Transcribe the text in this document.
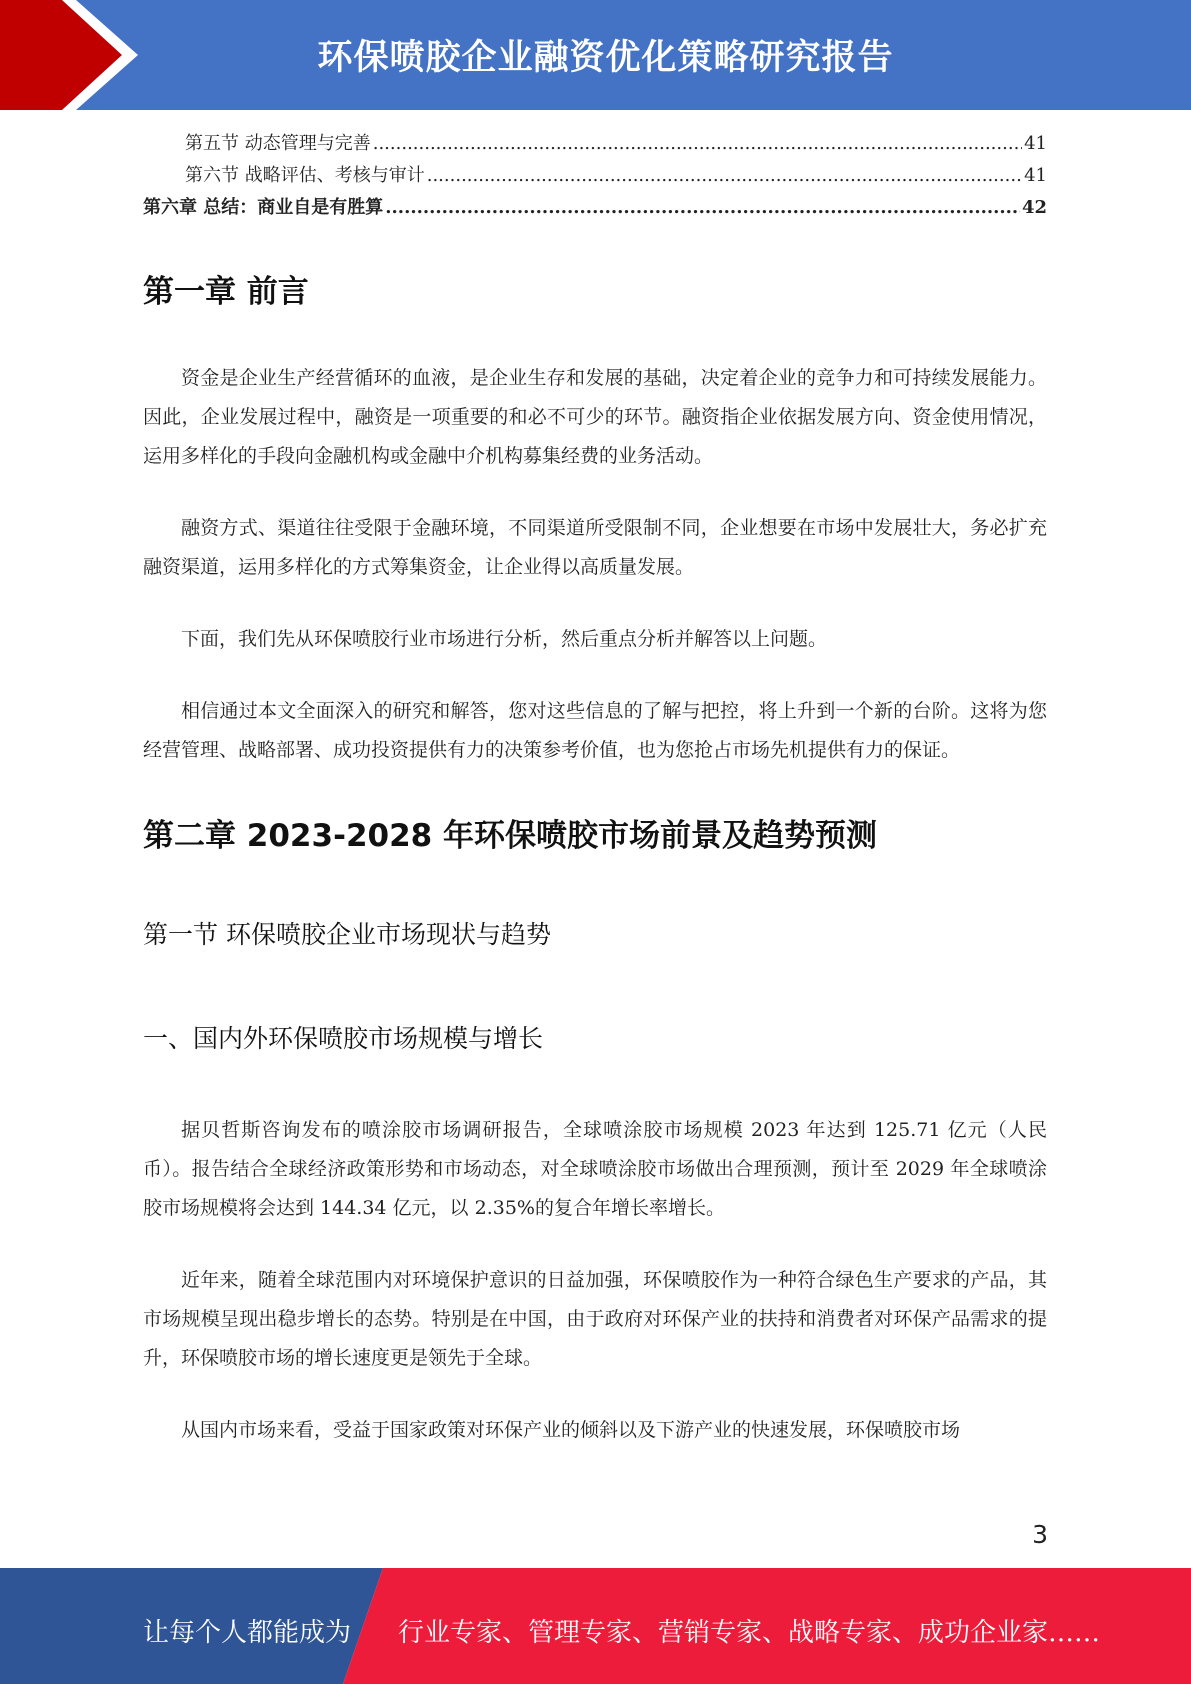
环保喷胶企业融资优化策略研究报告
第五节 动态管理与完善 .....	41
第六节 战略评估、考核与审计 .....	41
第六章 总结：商业自是有胜算 .....	42
第一章 前言

资金是企业生产经营循环的血液，是企业生存和发展的基础，决定着企业的竞争力和可持续发展能力。因此，企业发展过程中，融资是一项重要的和必不可少的环节。融资指企业依据发展方向、资金使用情况，运用多样化的手段向金融机构或金融中介机构募集经费的业务活动。

融资方式、渠道往往受限于金融环境，不同渠道所受限制不同，企业想要在市场中发展壮大，务必扩充融资渠道，运用多样化的方式筹集资金，让企业得以高质量发展。

下面，我们先从环保喷胶行业市场进行分析，然后重点分析并解答以上问题。

相信通过本文全面深入的研究和解答，您对这些信息的了解与把控，将上升到一个新的台阶。这将为您经营管理、战略部署、成功投资提供有力的决策参考价值，也为您抢占市场先机提供有力的保证。

第二章 2023-2028 年环保喷胶市场前景及趋势预测
第一节 环保喷胶企业市场现状与趋势
一、国内外环保喷胶市场规模与增长

据贝哲斯咨询发布的喷涂胶市场调研报告，全球喷涂胶市场规模 2023 年达到 125.71 亿元（人民币）。报告结合全球经济政策形势和市场动态，对全球喷涂胶市场做出合理预测，预计至 2029 年全球喷涂胶市场规模将会达到 144.34 亿元，以 2.35%的复合年增长率增长。

近年来，随着全球范围内对环境保护意识的日益加强，环保喷胶作为一种符合绿色生产要求的产品，其市场规模呈现出稳步增长的态势。特别是在中国，由于政府对环保产业的扶持和消费者对环保产品需求的提升，环保喷胶市场的增长速度更是领先于全球。

从国内市场来看，受益于国家政策对环保产业的倾斜以及下游产业的快速发展，环保喷胶市场

3
让每个人都能成为 行业专家、管理专家、营销专家、战略专家、成功企业家……
